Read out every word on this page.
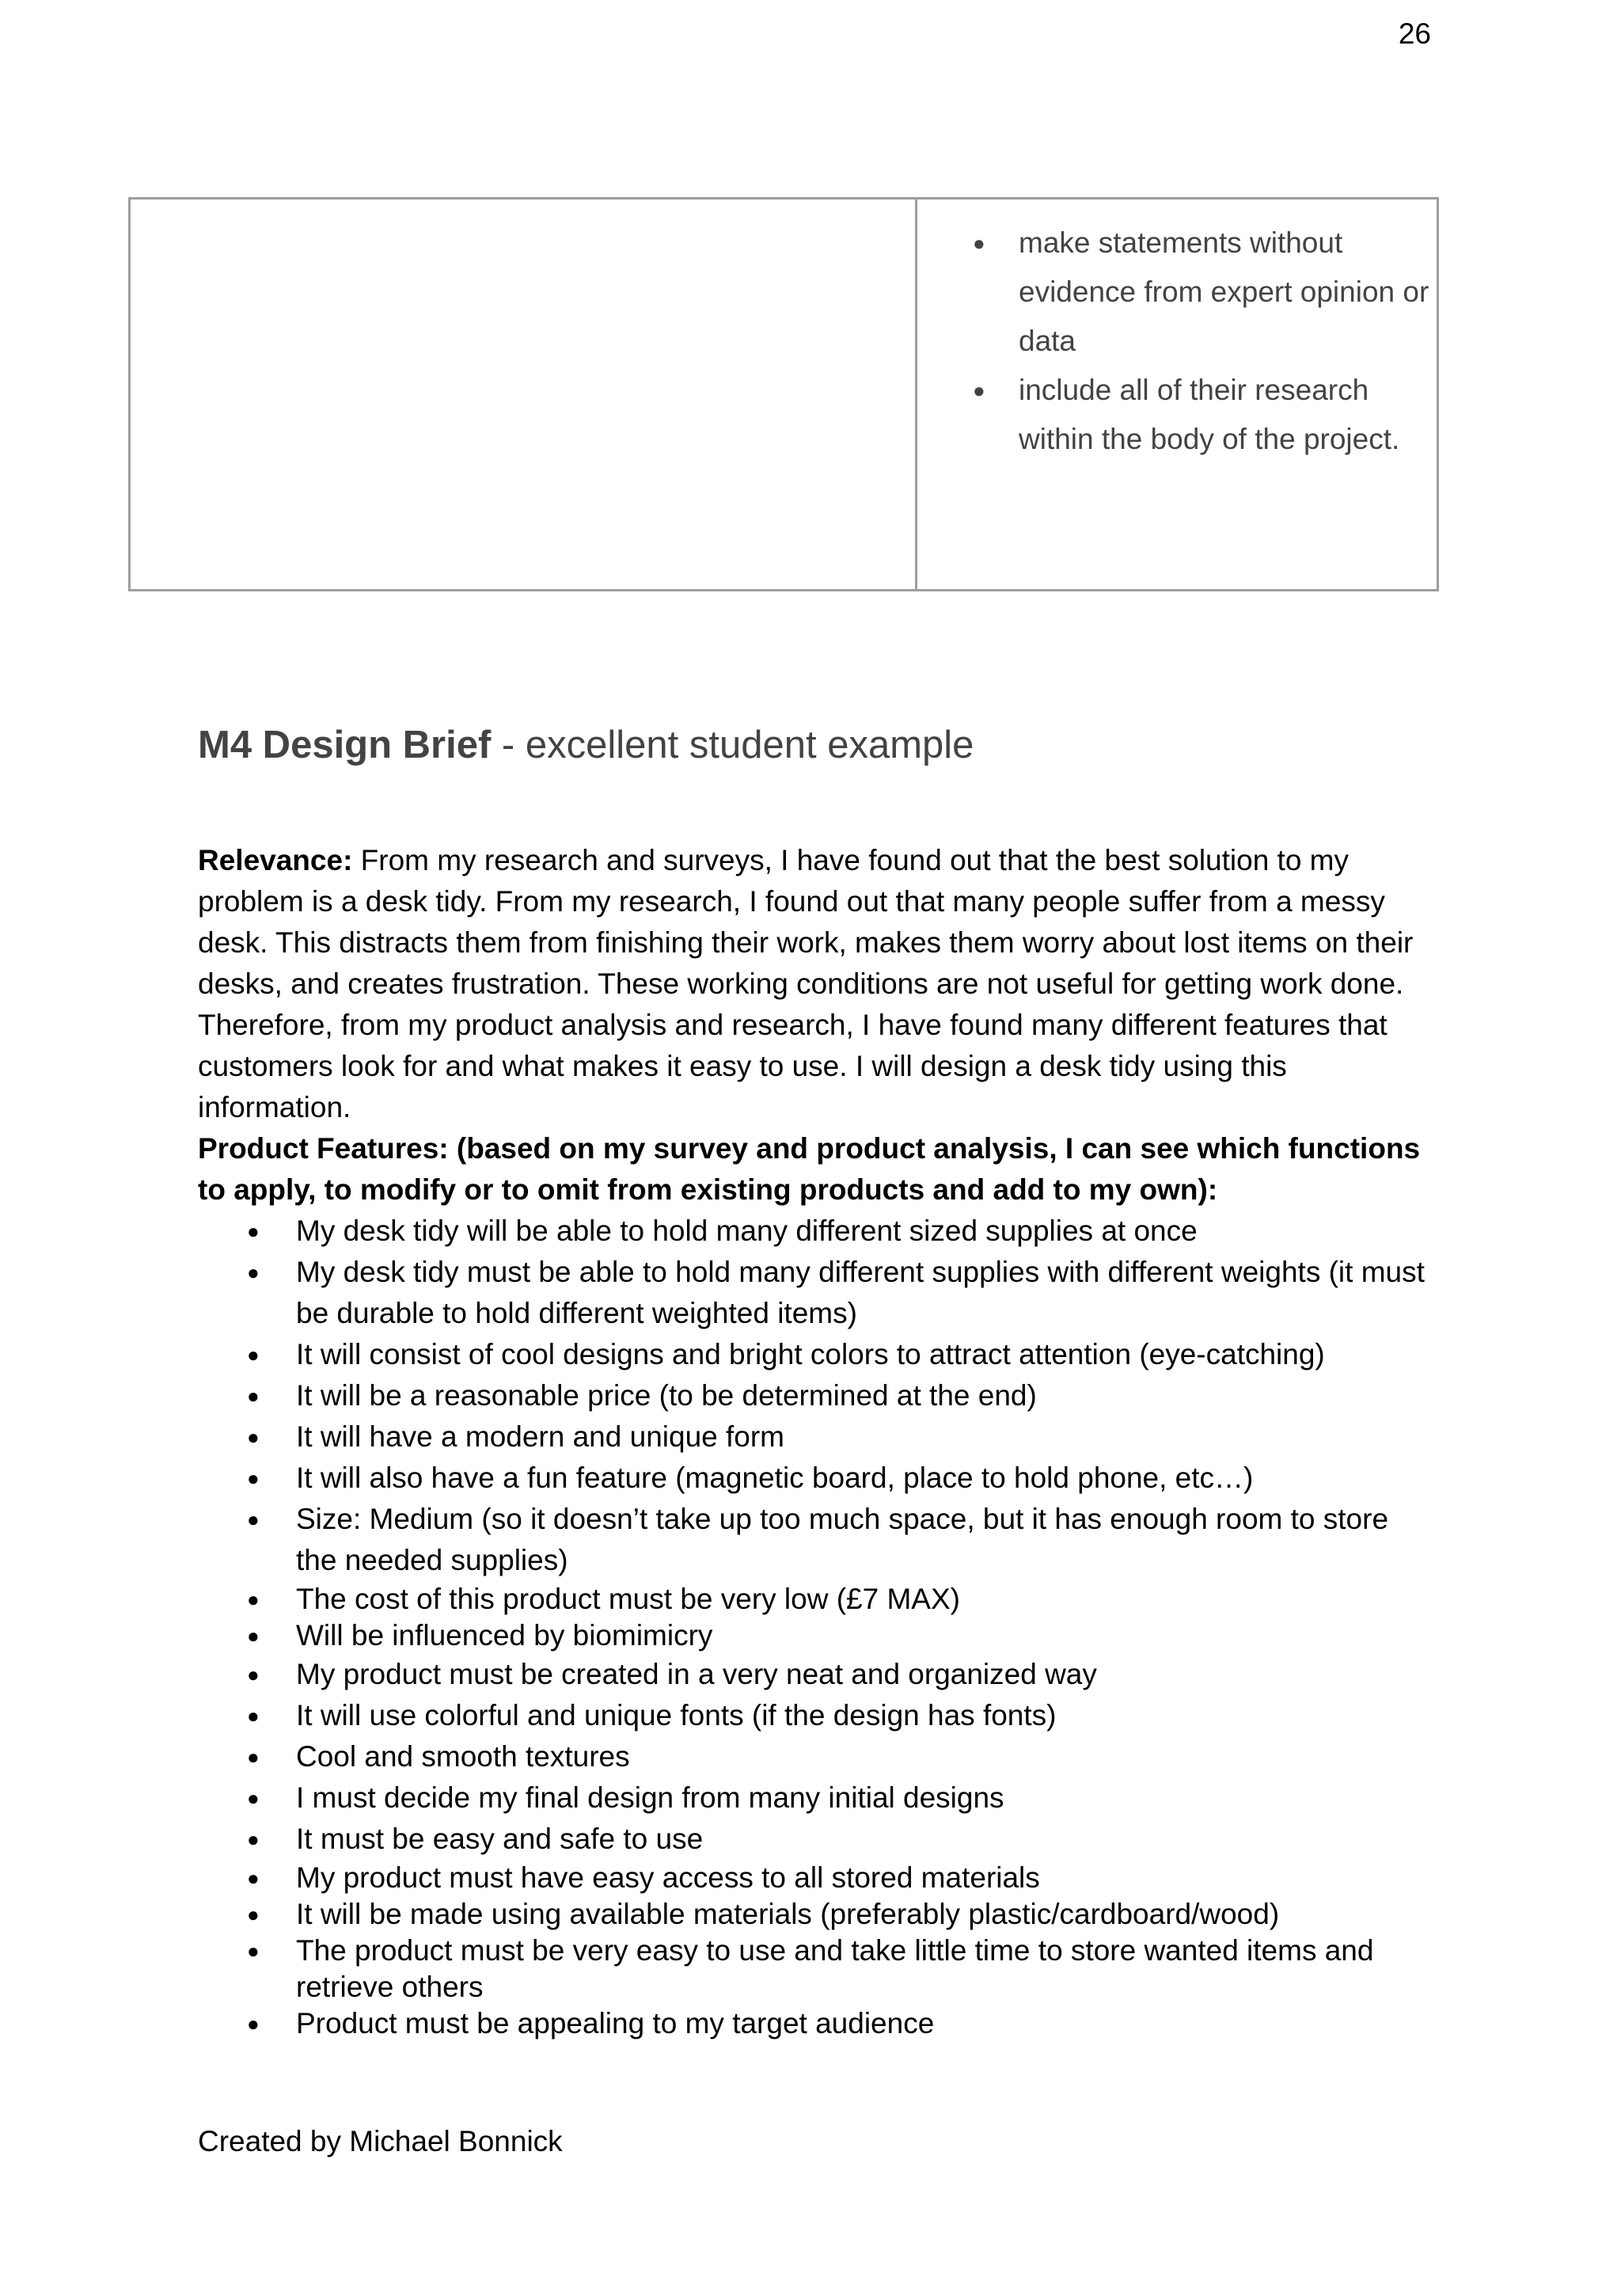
26

● make statements without evidence from expert opinion or data
● include all of their research within the body of the project.
M4 Design Brief - excellent student example

Relevance: From my research and surveys, I have found out that the best solution to my problem is a desk tidy. From my research, I found out that many people suffer from a messy desk. This distracts them from finishing their work, makes them worry about lost items on their desks, and creates frustration. These working conditions are not useful for getting work done. Therefore, from my product analysis and research, I have found many different features that customers look for and what makes it easy to use. I will design a desk tidy using this information.

Product Features: (based on my survey and product analysis, I can see which functions to apply, to modify or to omit from existing products and add to my own):

● My desk tidy will be able to hold many different sized supplies at once
● My desk tidy must be able to hold many different supplies with different weights (it must be durable to hold different weighted items)
● It will consist of cool designs and bright colors to attract attention (eye-catching)
● It will be a reasonable price (to be determined at the end)
● It will have a modern and unique form
● It will also have a fun feature (magnetic board, place to hold phone, etc…)
● Size: Medium (so it doesn’t take up too much space, but it has enough room to store the needed supplies)
● The cost of this product must be very low (£7 MAX)
● Will be influenced by biomimicry
● My product must be created in a very neat and organized way
● It will use colorful and unique fonts (if the design has fonts)
● Cool and smooth textures
● I must decide my final design from many initial designs
● It must be easy and safe to use
● My product must have easy access to all stored materials
● It will be made using available materials (preferably plastic/cardboard/wood)
● The product must be very easy to use and take little time to store wanted items and retrieve others
● Product must be appealing to my target audience
Created by Michael Bonnick
